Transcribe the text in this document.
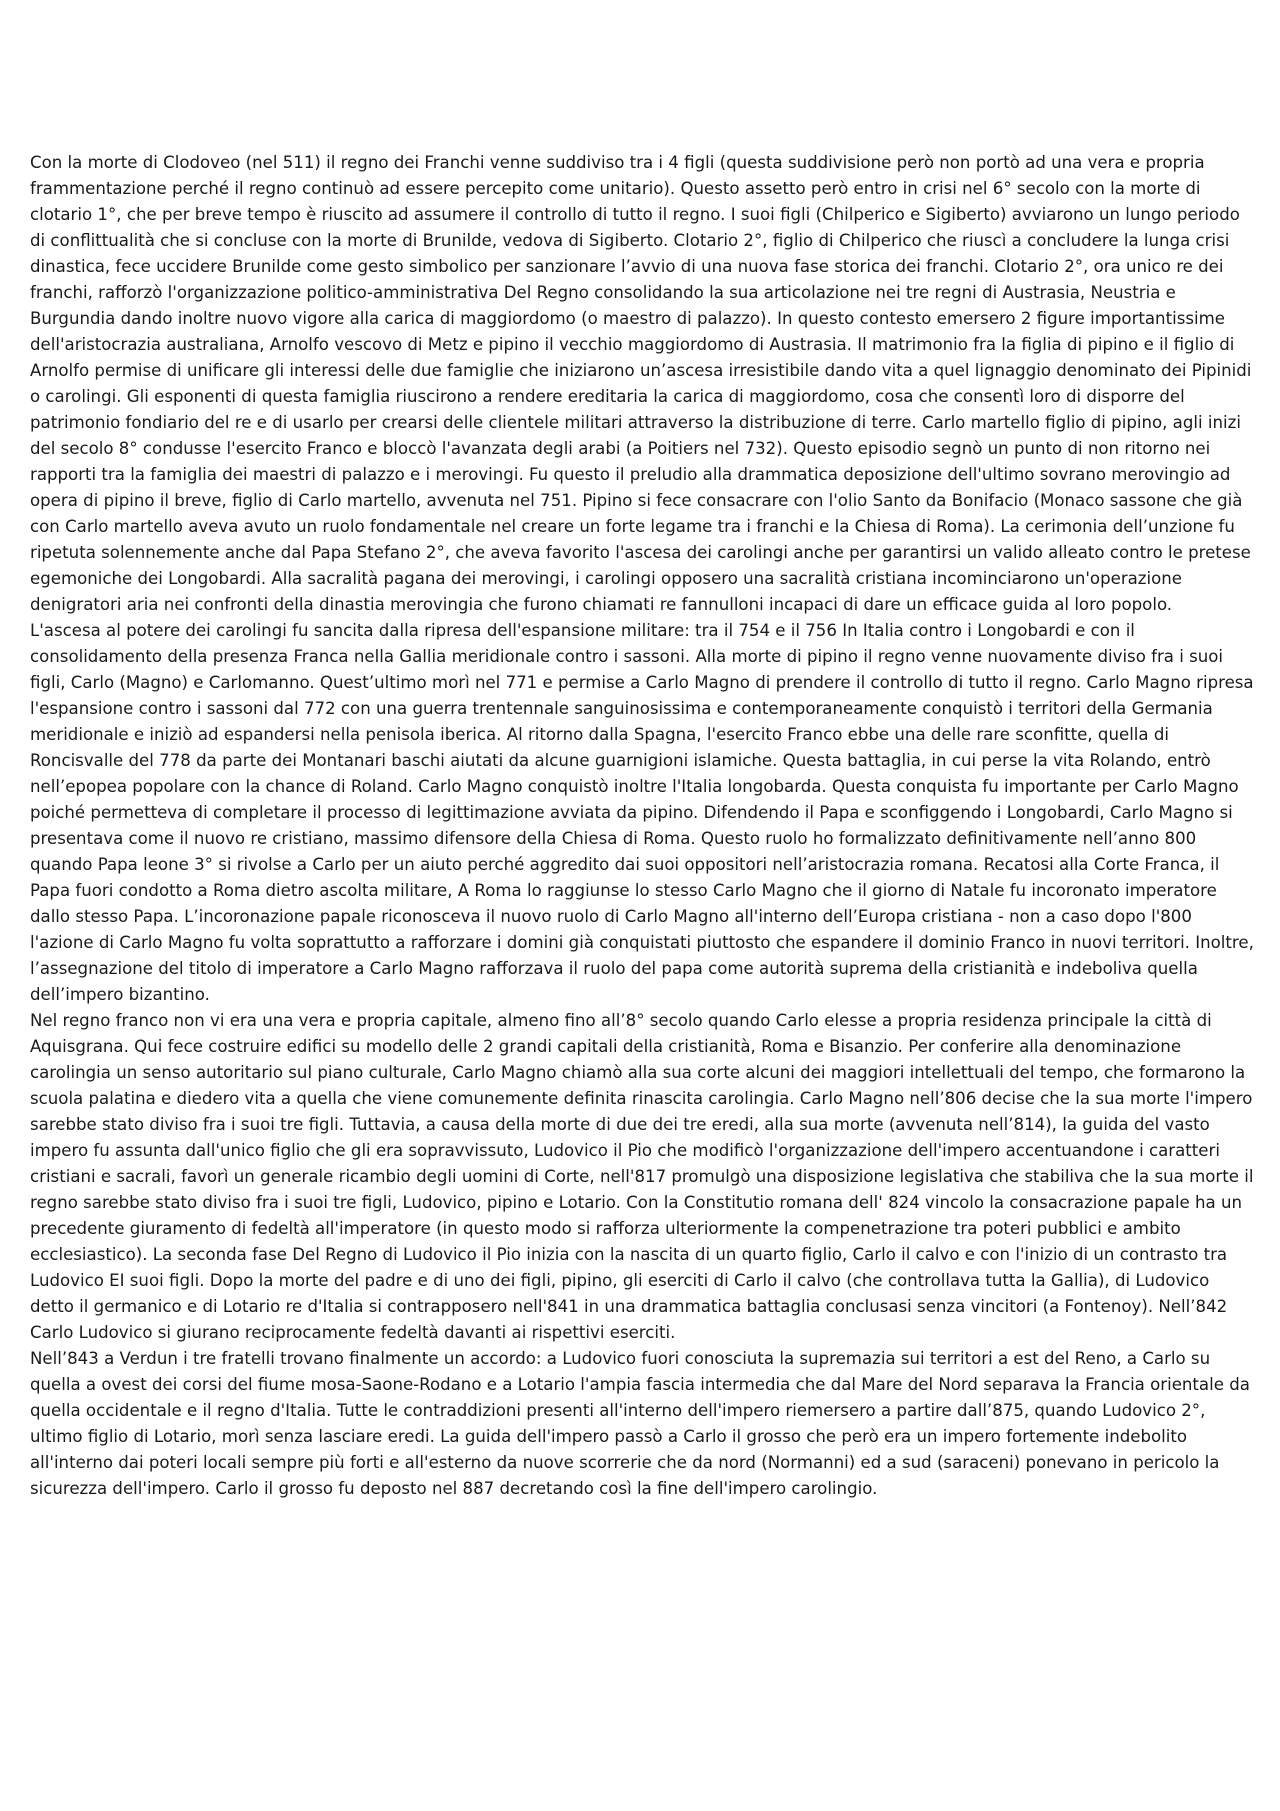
Con la morte di Clodoveo (nel 511) il regno dei Franchi venne suddiviso tra i 4 figli (questa suddivisione però non portò ad una vera e propria frammentazione perché il regno continuò ad essere percepito come unitario). Questo assetto però entro in crisi nel 6° secolo con la morte di clotario 1°, che per breve tempo è riuscito ad assumere il controllo di tutto il regno. I suoi figli (Chilperico e Sigiberto) avviarono un lungo periodo di conflittualità che si concluse con la morte di Brunilde, vedova di Sigiberto. Clotario 2°, figlio di Chilperico che riuscì a concludere la lunga crisi dinastica, fece uccidere Brunilde come gesto simbolico per sanzionare l’avvio di una nuova fase storica dei franchi. Clotario 2°, ora unico re dei franchi, rafforzò l'organizzazione politico-amministrativa Del Regno consolidando la sua articolazione nei tre regni di Austrasia, Neustria e Burgundia dando inoltre nuovo vigore alla carica di maggiordomo (o maestro di palazzo). In questo contesto emersero 2 figure importantissime dell'aristocrazia australiana, Arnolfo vescovo di Metz e pipino il vecchio maggiordomo di Austrasia. Il matrimonio fra la figlia di pipino e il figlio di Arnolfo permise di unificare gli interessi delle due famiglie che iniziarono un’ascesa irresistibile dando vita a quel lignaggio denominato dei Pipinidi o carolingi. Gli esponenti di questa famiglia riuscirono a rendere ereditaria la carica di maggiordomo, cosa che consentì loro di disporre del patrimonio fondiario del re e di usarlo per crearsi delle clientele militari attraverso la distribuzione di terre. Carlo martello figlio di pipino, agli inizi del secolo 8° condusse l'esercito Franco e bloccò l'avanzata degli arabi (a Poitiers nel 732). Questo episodio segnò un punto di non ritorno nei rapporti tra la famiglia dei maestri di palazzo e i merovingi. Fu questo il preludio alla drammatica deposizione dell'ultimo sovrano merovingio ad opera di pipino il breve, figlio di Carlo martello, avvenuta nel 751. Pipino si fece consacrare con l'olio Santo da Bonifacio (Monaco sassone che già con Carlo martello aveva avuto un ruolo fondamentale nel creare un forte legame tra i franchi e la Chiesa di Roma). La cerimonia dell’unzione fu ripetuta solennemente anche dal Papa Stefano 2°, che aveva favorito l'ascesa dei carolingi anche per garantirsi un valido alleato contro le pretese egemoniche dei Longobardi. Alla sacralità pagana dei merovingi, i carolingi opposero una sacralità cristiana incominciarono un'operazione denigratori aria nei confronti della dinastia merovingia che furono chiamati re fannulloni incapaci di dare un efficace guida al loro popolo.

L'ascesa al potere dei carolingi fu sancita dalla ripresa dell'espansione militare: tra il 754 e il 756 In Italia contro i Longobardi e con il consolidamento della presenza Franca nella Gallia meridionale contro i sassoni. Alla morte di pipino il regno venne nuovamente diviso fra i suoi figli, Carlo (Magno) e Carlomanno. Quest’ultimo morì nel 771 e permise a Carlo Magno di prendere il controllo di tutto il regno. Carlo Magno ripresa l'espansione contro i sassoni dal 772 con una guerra trentennale sanguinosissima e contemporaneamente conquistò i territori della Germania meridionale e iniziò ad espandersi nella penisola iberica. Al ritorno dalla Spagna, l'esercito Franco ebbe una delle rare sconfitte, quella di Roncisvalle del 778 da parte dei Montanari baschi aiutati da alcune guarnigioni islamiche. Questa battaglia, in cui perse la vita Rolando, entrò nell’epopea popolare con la chance di Roland. Carlo Magno conquistò inoltre l'Italia longobarda. Questa conquista fu importante per Carlo Magno poiché permetteva di completare il processo di legittimazione avviata da pipino. Difendendo il Papa e sconfiggendo i Longobardi, Carlo Magno si presentava come il nuovo re cristiano, massimo difensore della Chiesa di Roma. Questo ruolo ho formalizzato definitivamente nell’anno 800 quando Papa leone 3° si rivolse a Carlo per un aiuto perché aggredito dai suoi oppositori nell’aristocrazia romana. Recatosi alla Corte Franca, il Papa fuori condotto a Roma dietro ascolta militare, A Roma lo raggiunse lo stesso Carlo Magno che il giorno di Natale fu incoronato imperatore dallo stesso Papa. L’incoronazione papale riconosceva il nuovo ruolo di Carlo Magno all'interno dell’Europa cristiana - non a caso dopo l'800 l'azione di Carlo Magno fu volta soprattutto a rafforzare i domini già conquistati piuttosto che espandere il dominio Franco in nuovi territori. Inoltre, l’assegnazione del titolo di imperatore a Carlo Magno rafforzava il ruolo del papa come autorità suprema della cristianità e indeboliva quella dell’impero bizantino.

Nel regno franco non vi era una vera e propria capitale, almeno fino all’8° secolo quando Carlo elesse a propria residenza principale la città di Aquisgrana. Qui fece costruire edifici su modello delle 2 grandi capitali della cristianità, Roma e Bisanzio. Per conferire alla denominazione carolingia un senso autoritario sul piano culturale, Carlo Magno chiamò alla sua corte alcuni dei maggiori intellettuali del tempo, che formarono la scuola palatina e diedero vita a quella che viene comunemente definita rinascita carolingia. Carlo Magno nell’806 decise che la sua morte l'impero sarebbe stato diviso fra i suoi tre figli. Tuttavia, a causa della morte di due dei tre eredi, alla sua morte (avvenuta nell’814), la guida del vasto impero fu assunta dall'unico figlio che gli era sopravvissuto, Ludovico il Pio che modificò l'organizzazione dell'impero accentuandone i caratteri cristiani e sacrali, favorì un generale ricambio degli uomini di Corte, nell'817 promulgò una disposizione legislativa che stabiliva che la sua morte il regno sarebbe stato diviso fra i suoi tre figli, Ludovico, pipino e Lotario. Con la Constitutio romana dell' 824 vincolo la consacrazione papale ha un precedente giuramento di fedeltà all'imperatore (in questo modo si rafforza ulteriormente la compenetrazione tra poteri pubblici e ambito ecclesiastico). La seconda fase Del Regno di Ludovico il Pio inizia con la nascita di un quarto figlio, Carlo il calvo e con l'inizio di un contrasto tra Ludovico EI suoi figli. Dopo la morte del padre e di uno dei figli, pipino, gli eserciti di Carlo il calvo (che controllava tutta la Gallia), di Ludovico detto il germanico e di Lotario re d'Italia si contrapposero nell'841 in una drammatica battaglia conclusasi senza vincitori (a Fontenoy). Nell’842 Carlo Ludovico si giurano reciprocamente fedeltà davanti ai rispettivi eserciti.

Nell’843 a Verdun i tre fratelli trovano finalmente un accordo: a Ludovico fuori conosciuta la supremazia sui territori a est del Reno, a Carlo su quella a ovest dei corsi del fiume mosa-Saone-Rodano e a Lotario l'ampia fascia intermedia che dal Mare del Nord separava la Francia orientale da quella occidentale e il regno d'Italia. Tutte le contraddizioni presenti all'interno dell'impero riemersero a partire dall’875, quando Ludovico 2°, ultimo figlio di Lotario, morì senza lasciare eredi. La guida dell'impero passò a Carlo il grosso che però era un impero fortemente indebolito all'interno dai poteri locali sempre più forti e all'esterno da nuove scorrerie che da nord (Normanni) ed a sud (saraceni) ponevano in pericolo la sicurezza dell'impero. Carlo il grosso fu deposto nel 887 decretando così la fine dell'impero carolingio.
